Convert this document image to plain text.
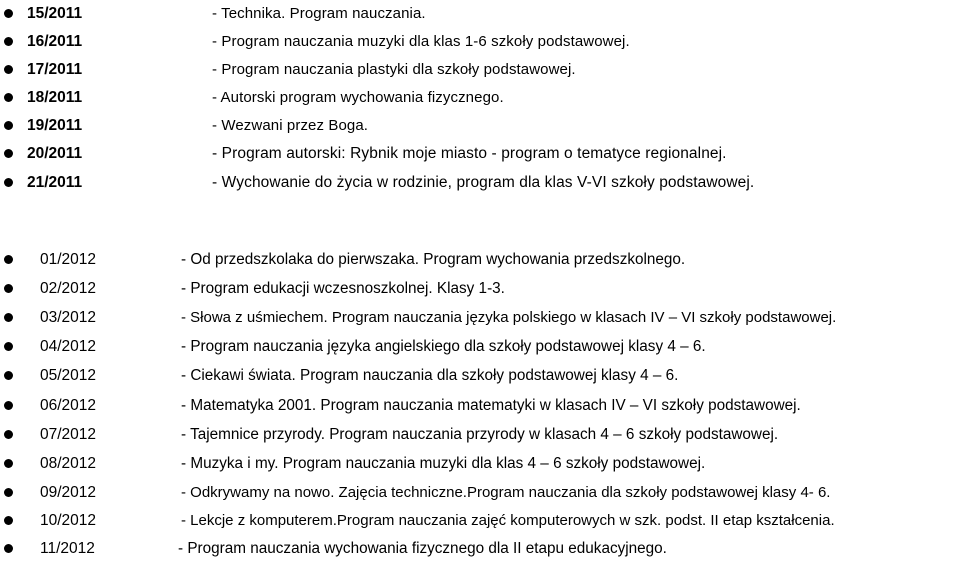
15/2011	- Technika. Program nauczania.
16/2011	- Program nauczania muzyki dla klas 1-6 szkoły podstawowej.
17/2011	- Program nauczania plastyki dla szkoły podstawowej.
18/2011	- Autorski program wychowania fizycznego.
19/2011	- Wezwani przez Boga.
20/2011	- Program autorski: Rybnik moje miasto - program o tematyce regionalnej.
21/2011	- Wychowanie do życia w rodzinie, program dla klas V-VI szkoły podstawowej.
01/2012	- Od przedszkolaka do pierwszaka. Program wychowania przedszkolnego.
02/2012	- Program edukacji wczesnoszkolnej. Klasy 1-3.
03/2012	- Słowa z uśmiechem. Program nauczania języka polskiego w klasach IV – VI szkoły podstawowej.
04/2012	- Program nauczania języka angielskiego dla szkoły podstawowej klasy 4 – 6.
05/2012	- Ciekawi świata. Program nauczania dla szkoły podstawowej klasy 4 – 6.
06/2012	- Matematyka 2001. Program nauczania matematyki w klasach IV – VI szkoły podstawowej.
07/2012	- Tajemnice przyrody. Program nauczania przyrody w klasach 4 – 6 szkoły podstawowej.
08/2012	- Muzyka i my. Program nauczania muzyki dla klas 4 – 6 szkoły podstawowej.
09/2012	- Odkrywamy na nowo. Zajęcia techniczne.Program nauczania dla szkoły podstawowej klasy 4- 6.
10/2012	- Lekcje z komputerem.Program nauczania zajęć komputerowych w szk. podst. II etap kształcenia.
11/2012	- Program nauczania wychowania fizycznego dla II etapu edukacyjnego.
